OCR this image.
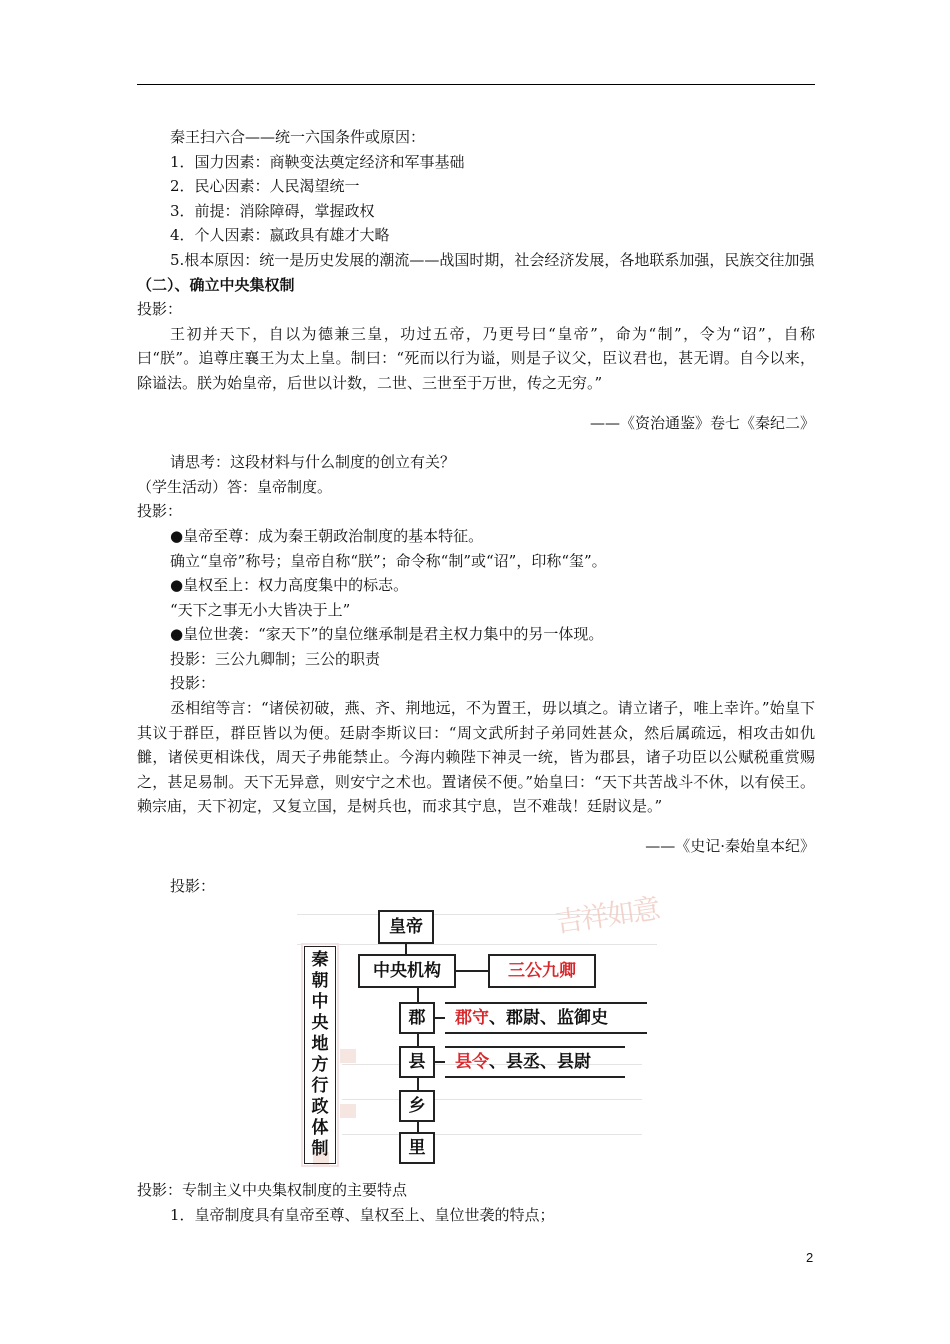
秦王扫六合——统一六国条件或原因：

1．国力因素：商鞅变法奠定经济和军事基础

2．民心因素：人民渴望统一

3．前提：消除障碍，掌握政权

4．个人因素：嬴政具有雄才大略

5.根本原因：统一是历史发展的潮流——战国时期，社会经济发展，各地联系加强，民族交往加强

（二）、确立中央集权制

投影：

王初并天下，自以为德兼三皇，功过五帝，乃更号曰“皇帝”，命为“制”，令为“诏”，自称曰“朕”。追尊庄襄王为太上皇。制曰：“死而以行为谥，则是子议父，臣议君也，甚无谓。自今以来，除谥法。朕为始皇帝，后世以计数，二世、三世至于万世，传之无穷。”

——《资治通鉴》卷七《秦纪二》

请思考：这段材料与什么制度的创立有关？

（学生活动）答：皇帝制度。

投影：

●皇帝至尊：成为秦王朝政治制度的基本特征。

确立“皇帝”称号；皇帝自称“朕”；命令称“制”或“诏”，印称“玺”。

●皇权至上：权力高度集中的标志。

“天下之事无小大皆决于上”

●皇位世袭：“家天下”的皇位继承制是君主权力集中的另一体现。

投影：三公九卿制；三公的职责

投影：

丞相绾等言：“诸侯初破，燕、齐、荆地远，不为置王，毋以填之。请立诸子，唯上幸许。”始皇下其议于群臣，群臣皆以为便。廷尉李斯议曰：“周文武所封子弟同姓甚众，然后属疏远，相攻击如仇雠，诸侯更相诛伐，周天子弗能禁止。今海内赖陛下神灵一统，皆为郡县，诸子功臣以公赋税重赏赐之，甚足易制。天下无异意，则安宁之术也。置诸侯不便。”始皇曰：“天下共苦战斗不休，以有侯王。赖宗庙，天下初定，又复立国，是树兵也，而求其宁息，岂不难哉！廷尉议是。”

——《史记·秦始皇本纪》

投影：

吉祥如意
秦
朝
中
央
地
方
行
政
体
制
皇帝
中央机构	三公九卿
郡	郡守 、郡尉、监御史
县	县令 、县丞、县尉
乡
里

投影：专制主义中央集权制度的主要特点

1．皇帝制度具有皇帝至尊、皇权至上、皇位世袭的特点；

2
